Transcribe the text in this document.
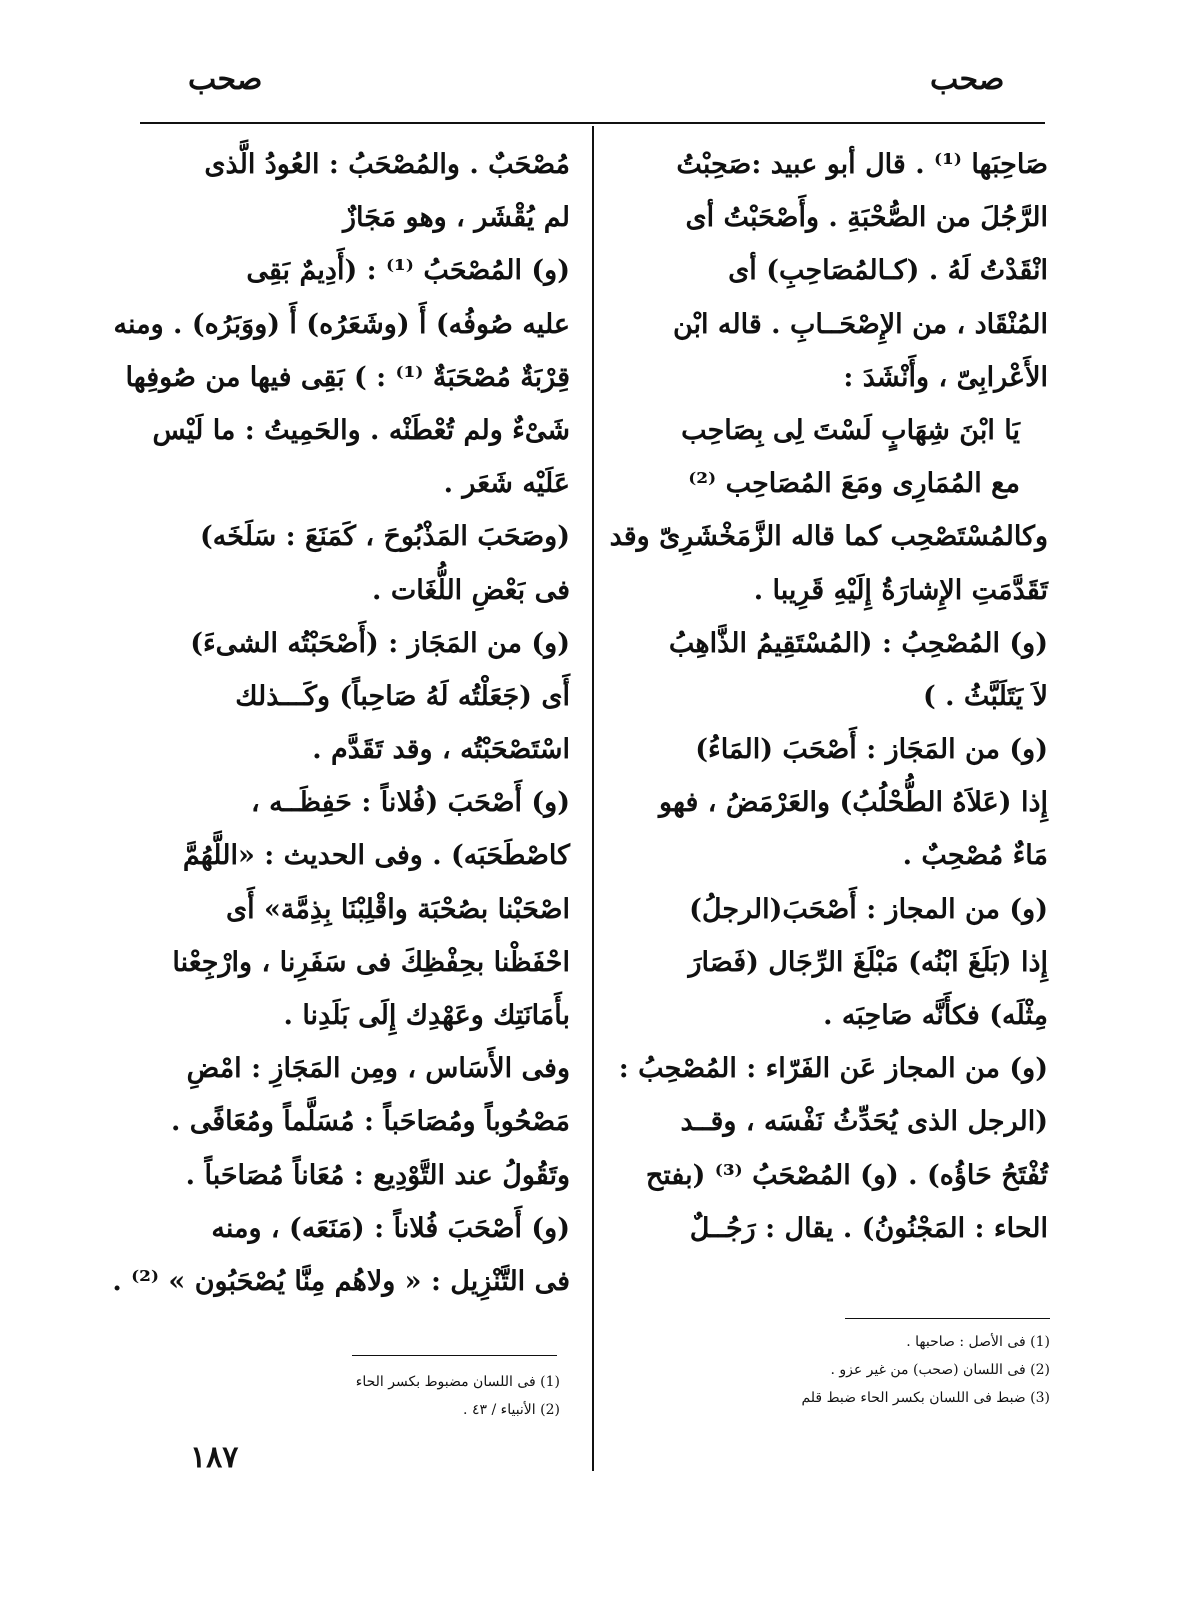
صحب
صحب
صَاحِبَها ⁽¹⁾ . قال أبو عبيد :صَحِبْتُ
الرَّجُلَ من الصُّحْبَةِ . وأَصْحَبْتُ أى
انْقَدْتُ لَهُ . (كـالمُصَاحِبِ) أى
المُنْقَاد ، من الإِصْحَــابِ . قاله ابْن
الأَعْرابِىّ ، وأَنْشَدَ :
يَا ابْنَ شِهَابٍ لَسْتَ لِى بِصَاحِب
مع المُمَارِى ومَعَ المُصَاحِب ⁽²⁾
وكالمُسْتَصْحِب كما قاله الزَّمَخْشَرِىّ وقد
تَقَدَّمَتِ الإِشارَةُ إِلَيْهِ قَرِيبا .
(و) المُصْحِبُ : (المُسْتَقِيمُ الذَّاهِبُ
لاَ يَتَلَبَّثُ . )
(و) من المَجَاز : أَصْحَبَ (المَاءُ)
إِذا (عَلاَهُ الطُّحْلُبُ) والعَرْمَضُ ، فهو
مَاءٌ مُصْحِبٌ .
(و) من المجاز : أَصْحَبَ(الرجلُ)
إِذا (بَلَغَ ابْنُه) مَبْلَغَ الرِّجَال (فَصَارَ
مِثْلَه) فكأَنَّه صَاحِبَه .
(و) من المجاز عَن الفَرّاء : المُصْحِبُ :
(الرجل الذى يُحَدِّثُ نَفْسَه ، وقــد
تُفْتَحُ حَاؤُه) . (و) المُصْحَبُ ⁽³⁾ (بفتح
الحاء : المَجْنُونُ) . يقال : رَجُــلٌ
مُصْحَبٌ . والمُصْحَبُ : العُودُ الَّذى
لم يُقْشَر ، وهو مَجَازٌ
(و) المُصْحَبُ ⁽¹⁾ : (أَدِيمٌ بَقِى
عليه صُوفُه) أَ (وشَعَرُه) أَ (ووَبَرُه) . ومنه
قِرْبَةٌ مُصْحَبَةٌ ⁽¹⁾ : ) بَقِى فيها من صُوفِها
شَىْءٌ ولم تُعْطَنْه . والحَمِيتُ : ما لَيْس
عَلَيْه شَعَر .
(وصَحَبَ المَذْبُوحَ ، كَمَنَعَ : سَلَخَه)
فى بَعْضِ اللُّغَات .
(و) من المَجَاز : (أَصْحَبْتُه الشىءَ)
أَى (جَعَلْتُه لَهُ صَاحِباً) وكَـــذلك
اسْتَصْحَبْتُه ، وقد تَقَدَّم .
(و) أَصْحَبَ (فُلاناً : حَفِظَــه ،
كاصْطَحَبَه) . وفى الحديث : «اللَّهُمَّ
اصْحَبْنا بصُحْبَة واقْلِبْنَا بِذِمَّة» أَى
احْفَظْنا بحِفْظِكَ فى سَفَرِنا ، وارْجِعْنا
بأَمَانَتِك وعَهْدِك إِلَى بَلَدِنا .
وفى الأَسَاس ، ومِن المَجَازِ : امْضِ
مَصْحُوباً ومُصَاحَباً : مُسَلَّماً ومُعَافًى .
وتَقُولُ عند التَّوْدِيع : مُعَاناً مُصَاحَباً .
(و) أَصْحَبَ فُلاناً : (مَنَعَه) ، ومنه
فى التَّنْزِيل : « ولاهُم مِنَّا يُصْحَبُون » ⁽²⁾ .
(1) فى الأصل : صاحبها .
(2) فى اللسان (صحب) من غير عزو .
(3) ضبط فى اللسان بكسر الحاء ضبط قلم
(1) فى اللسان مضبوط بكسر الحاء
(2) الأنبياء / ٤٣ .
١٨٧
